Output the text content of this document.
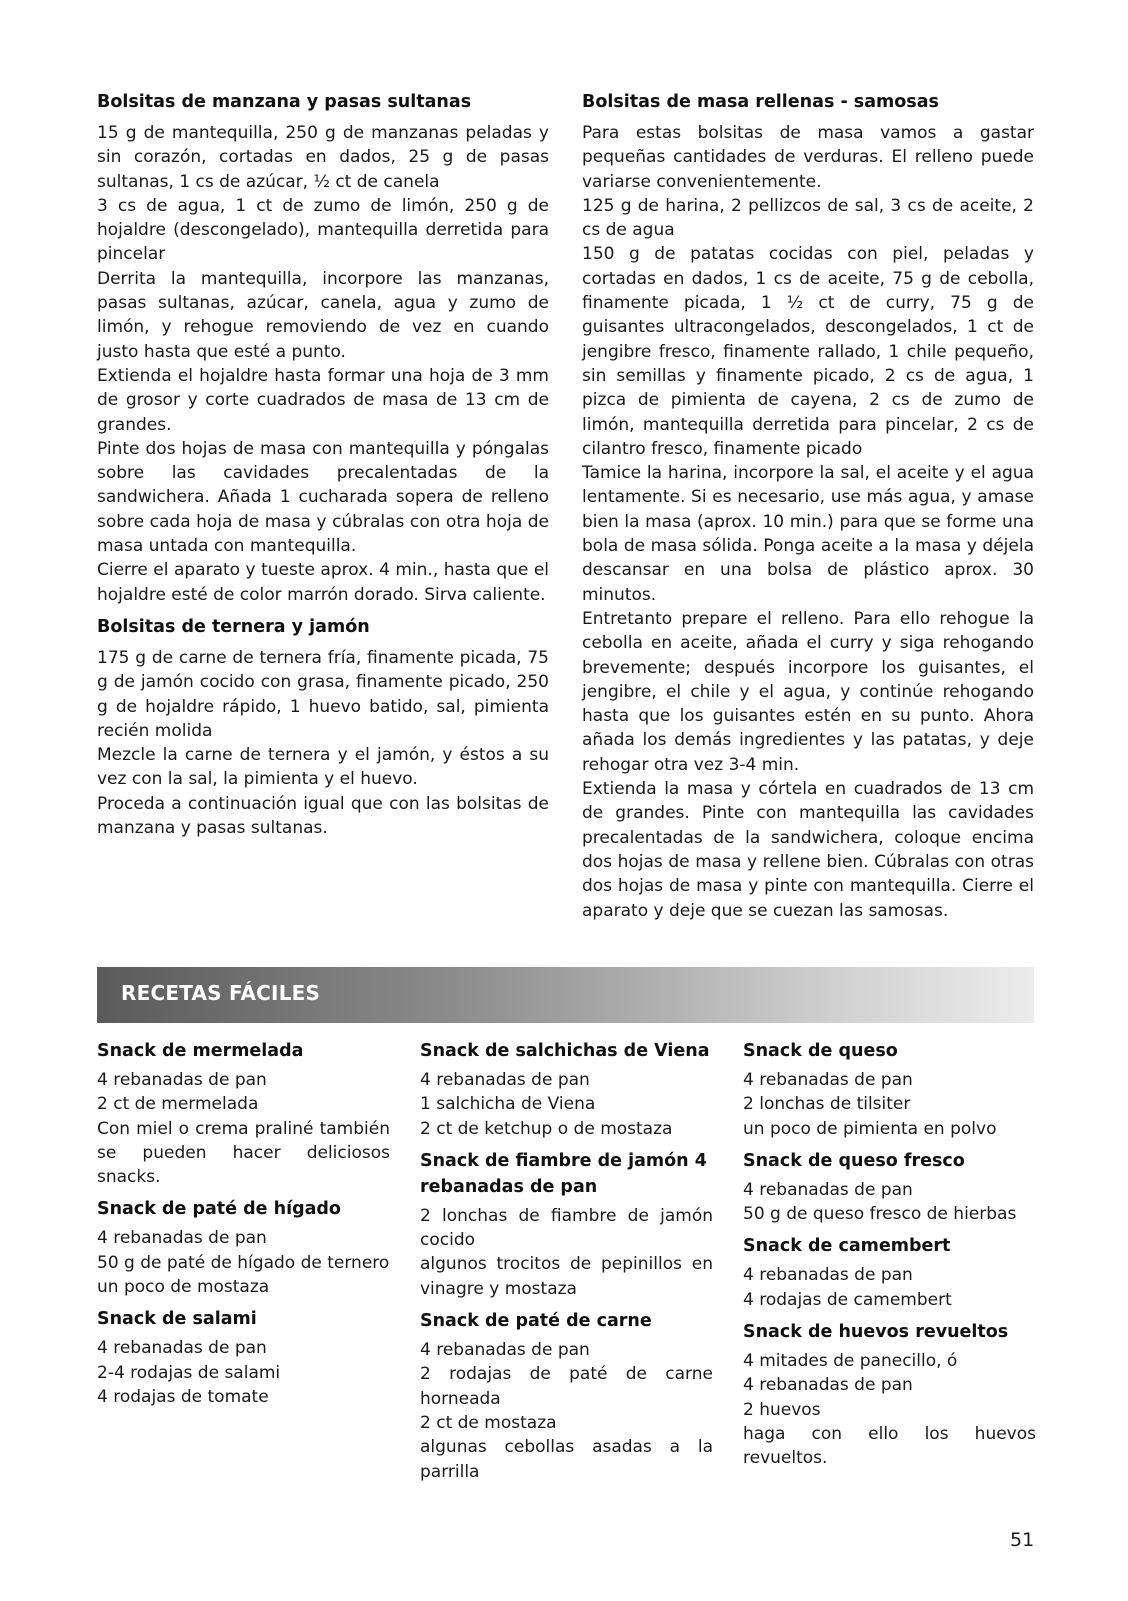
Bolsitas de manzana y pasas sultanas

15 g de mantequilla, 250 g de manzanas peladas y sin corazón, cortadas en dados, 25 g de pasas sultanas, 1 cs de azúcar, ½ ct de canela

3 cs de agua, 1 ct de zumo de limón, 250 g de hojaldre (descongelado), mantequilla derretida para pincelar

Derrita la mantequilla, incorpore las manzanas, pasas sultanas, azúcar, canela, agua y zumo de limón, y rehogue removiendo de vez en cuando justo hasta que esté a punto.

Extienda el hojaldre hasta formar una hoja de 3 mm de grosor y corte cuadrados de masa de 13 cm de grandes.

Pinte dos hojas de masa con mantequilla y póngalas sobre las cavidades precalentadas de la sandwichera. Añada 1 cucharada sopera de relleno sobre cada hoja de masa y cúbralas con otra hoja de masa untada con mantequilla.

Cierre el aparato y tueste aprox. 4 min., hasta que el hojaldre esté de color marrón dorado. Sirva caliente.

Bolsitas de ternera y jamón

175 g de carne de ternera fría, finamente picada, 75 g de jamón cocido con grasa, finamente picado, 250 g de hojaldre rápido, 1 huevo batido, sal, pimienta recién molida

Mezcle la carne de ternera y el jamón, y éstos a su vez con la sal, la pimienta y el huevo.

Proceda a continuación igual que con las bolsitas de manzana y pasas sultanas.

Bolsitas de masa rellenas - samosas

Para estas bolsitas de masa vamos a gastar pequeñas cantidades de verduras. El relleno puede variarse convenientemente.

125 g de harina, 2 pellizcos de sal, 3 cs de aceite, 2 cs de agua

150 g de patatas cocidas con piel, peladas y cortadas en dados, 1 cs de aceite, 75 g de cebolla, finamente picada, 1 ½ ct de curry, 75 g de guisantes ultracongelados, descongelados, 1 ct de jengibre fresco, finamente rallado, 1 chile pequeño, sin semillas y finamente picado, 2 cs de agua, 1 pizca de pimienta de cayena, 2 cs de zumo de limón, mantequilla derretida para pincelar, 2 cs de cilantro fresco, finamente picado

Tamice la harina, incorpore la sal, el aceite y el agua lentamente. Si es necesario, use más agua, y amase bien la masa (aprox. 10 min.) para que se forme una bola de masa sólida. Ponga aceite a la masa y déjela descansar en una bolsa de plástico aprox. 30 minutos.

Entretanto prepare el relleno. Para ello rehogue la cebolla en aceite, añada el curry y siga rehogando brevemente; después incorpore los guisantes, el jengibre, el chile y el agua, y continúe rehogando hasta que los guisantes estén en su punto. Ahora añada los demás ingredientes y las patatas, y deje rehogar otra vez 3-4 min.

Extienda la masa y córtela en cuadrados de 13 cm de grandes. Pinte con mantequilla las cavidades precalentadas de la sandwichera, coloque encima dos hojas de masa y rellene bien. Cúbralas con otras dos hojas de masa y pinte con mantequilla. Cierre el aparato y deje que se cuezan las samosas.

RECETAS FÁCILES
Snack de mermelada

4 rebanadas de pan

2 ct de mermelada

Con miel o crema praliné también se pueden hacer deliciosos snacks.

Snack de paté de hígado

4 rebanadas de pan

50 g de paté de hígado de ternero

un poco de mostaza

Snack de salami

4 rebanadas de pan

2-4 rodajas de salami

4 rodajas de tomate

Snack de salchichas de Viena

4 rebanadas de pan

1 salchicha de Viena

2 ct de ketchup o de mostaza

Snack de fiambre de jamón 4 rebanadas de pan

2 lonchas de fiambre de jamón cocido

algunos trocitos de pepinillos en vinagre y mostaza

Snack de paté de carne

4 rebanadas de pan

2 rodajas de paté de carne horneada

2 ct de mostaza

algunas cebollas asadas a la parrilla

Snack de queso

4 rebanadas de pan

2 lonchas de tilsiter

un poco de pimienta en polvo

Snack de queso fresco

4 rebanadas de pan

50 g de queso fresco de hierbas

Snack de camembert

4 rebanadas de pan

4 rodajas de camembert

Snack de huevos revueltos

4 mitades de panecillo, ó

4 rebanadas de pan

2 huevos

haga con ello los huevos revueltos.

51
